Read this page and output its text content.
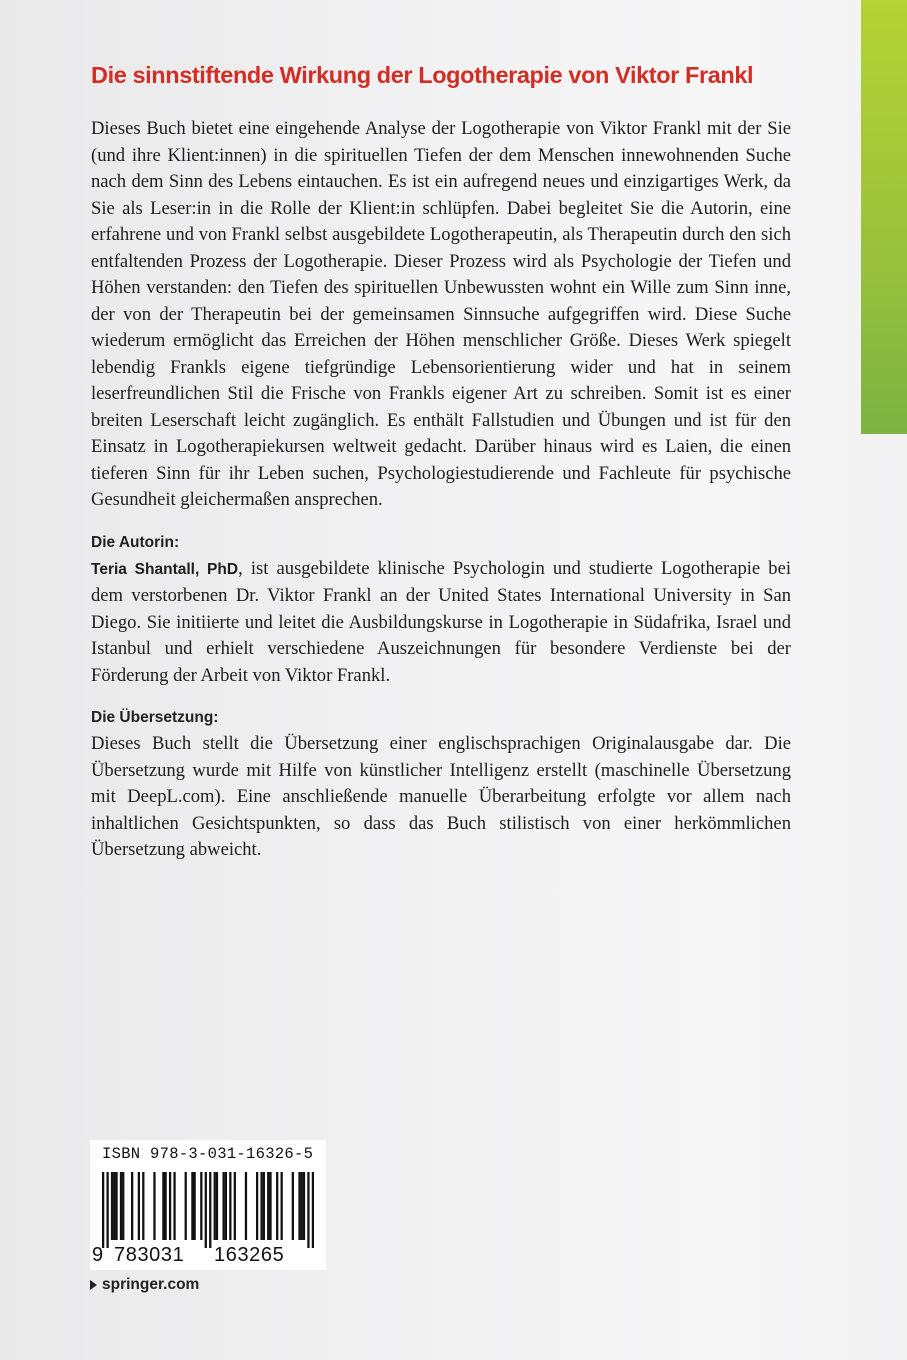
Die sinnstiftende Wirkung der Logotherapie von Viktor Frankl

Dieses Buch bietet eine eingehende Analyse der Logotherapie von Viktor Frankl mit der Sie (und ihre Klient:innen) in die spirituellen Tiefen der dem Menschen innewohnenden Suche nach dem Sinn des Lebens eintauchen. Es ist ein aufregend neues und einzigartiges Werk, da Sie als Leser:in in die Rolle der Klient:in schlüpfen. Dabei begleitet Sie die Autorin, eine erfahrene und von Frankl selbst ausgebildete Logotherapeutin, als Therapeutin durch den sich entfaltenden Prozess der Logotherapie. Dieser Prozess wird als Psychologie der Tiefen und Höhen verstanden: den Tiefen des spirituellen Unbewussten wohnt ein Wille zum Sinn inne, der von der Therapeutin bei der gemeinsamen Sinnsuche aufgegriffen wird. Diese Suche wiederum ermöglicht das Erreichen der Höhen menschlicher Größe. Dieses Werk spiegelt lebendig Frankls eigene tiefgründige Lebensorientierung wider und hat in seinem leserfreundlichen Stil die Frische von Frankls eigener Art zu schreiben. Somit ist es einer breiten Leserschaft leicht zugänglich. Es enthält Fallstudien und Übungen und ist für den Einsatz in Logotherapiekursen weltweit gedacht. Darüber hinaus wird es Laien, die einen tieferen Sinn für ihr Leben suchen, Psychologiestudierende und Fachleute für psychische Gesundheit gleichermaßen ansprechen.

Die Autorin:

Teria Shantall, PhD, ist ausgebildete klinische Psychologin und studierte Logotherapie bei dem verstorbenen Dr. Viktor Frankl an der United States International University in San Diego. Sie initiierte und leitet die Ausbildungskurse in Logotherapie in Südafrika, Israel und Istanbul und erhielt verschiedene Auszeichnungen für besondere Verdienste bei der Förderung der Arbeit von Viktor Frankl.

Die Übersetzung:

Dieses Buch stellt die Übersetzung einer englischsprachigen Originalausgabe dar. Die Übersetzung wurde mit Hilfe von künstlicher Intelligenz erstellt (maschinelle Übersetzung mit DeepL.com). Eine anschließende manuelle Überarbeitung erfolgte vor allem nach inhaltlichen Gesichtspunkten, so dass das Buch stilistisch von einer herkömmlichen Übersetzung abweicht.

ISBN 978-3-031-16326-5
9 783031 163265
springer.com
